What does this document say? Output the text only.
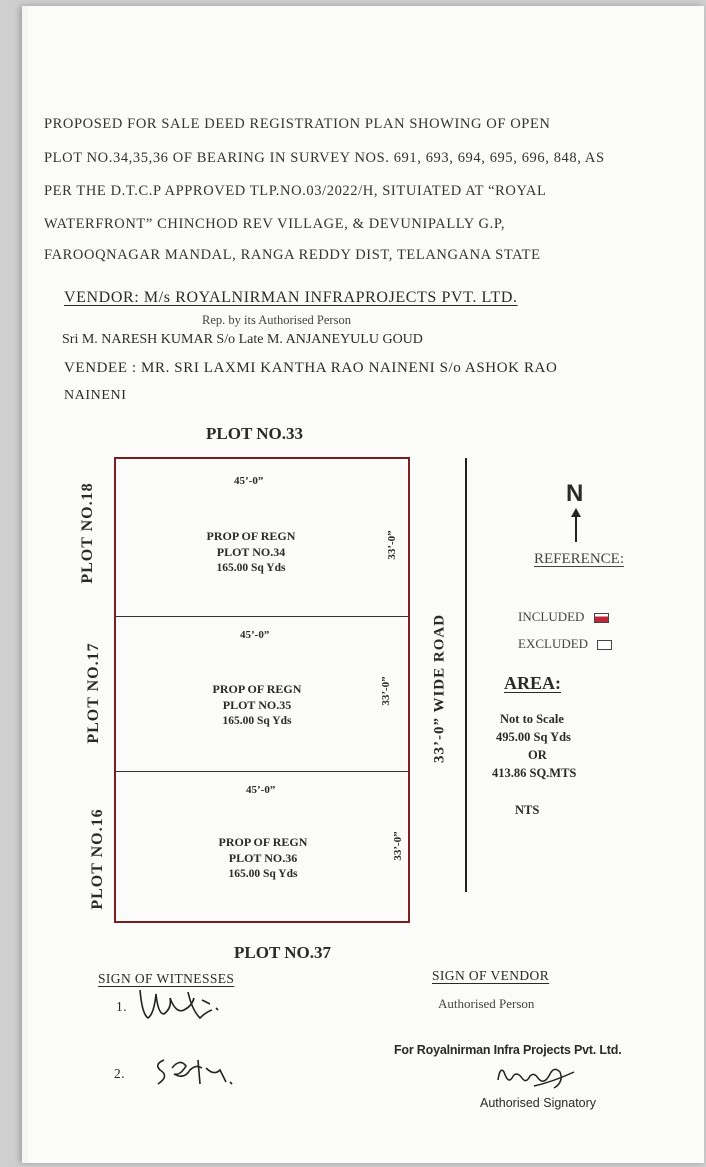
PROPOSED FOR SALE DEED REGISTRATION PLAN SHOWING OF OPEN
PLOT NO.34,35,36 OF BEARING IN SURVEY NOS. 691, 693, 694, 695, 696, 848, AS
PER THE D.T.C.P APPROVED TLP.NO.03/2022/H, SITUIATED AT “ROYAL
WATERFRONT” CHINCHOD REV VILLAGE, & DEVUNIPALLY G.P,
FAROOQNAGAR MANDAL, RANGA REDDY DIST, TELANGANA STATE
VENDOR: M/s ROYALNIRMAN INFRAPROJECTS PVT. LTD.
Rep. by its Authorised Person
Sri M. NARESH KUMAR S/o Late M. ANJANEYULU GOUD
VENDEE : MR. SRI LAXMI KANTHA RAO NAINENI S/o ASHOK RAO
NAINENI
PLOT NO.33
PLOT NO.37
PLOT NO.18
PLOT NO.17
PLOT NO.16
45’-0”
PROP OF REGN
PLOT NO.34
165.00 Sq Yds
33’-0”
45’-0”
PROP OF REGN
PLOT NO.35
165.00 Sq Yds
33’-0”
45’-0”
PROP OF REGN
PLOT NO.36
165.00 Sq Yds
33’-0”
33’-0” WIDE ROAD
N
REFERENCE:
INCLUDED
EXCLUDED
AREA:
Not to Scale
495.00 Sq Yds
OR
413.86 SQ.MTS
NTS
SIGN OF WITNESSES
1.
2.
SIGN OF VENDOR
Authorised Person
For Royalnirman Infra Projects Pvt. Ltd.
Authorised Signatory
